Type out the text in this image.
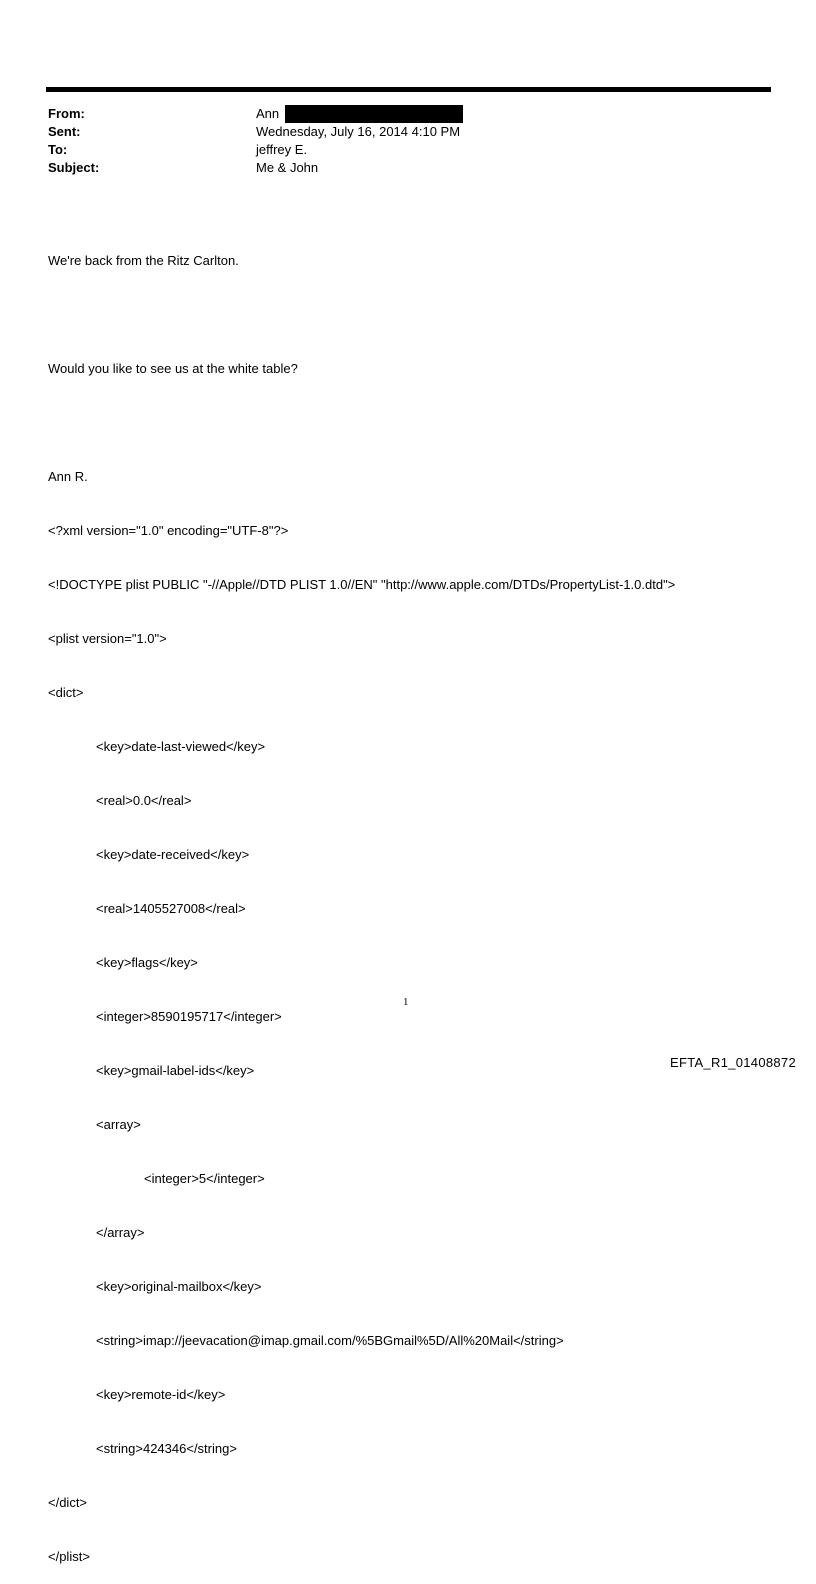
From:	Ann
Sent:	Wednesday, July 16, 2014 4:10 PM
To:	jeffrey E.
Subject:	Me & John

We're back from the Ritz Carlton.

Would you like to see us at the white table?

Ann R.

<?xml version="1.0" encoding="UTF-8"?>

<!DOCTYPE plist PUBLIC "-//Apple//DTD PLIST 1.0//EN" "http://www.apple.com/DTDs/PropertyList-1.0.dtd">

<plist version="1.0">

<dict>

<key>date-last-viewed</key>

<real>0.0</real>

<key>date-received</key>

<real>1405527008</real>

<key>flags</key>

<integer>8590195717</integer>

<key>gmail-label-ids</key>

<array>

<integer>5</integer>

</array>

<key>original-mailbox</key>

<string>imap://jeevacation@imap.gmail.com/%5BGmail%5D/All%20Mail</string>

<key>remote-id</key>

<string>424346</string>

</dict>

</plist>

1
EFTA_R1_01408872
